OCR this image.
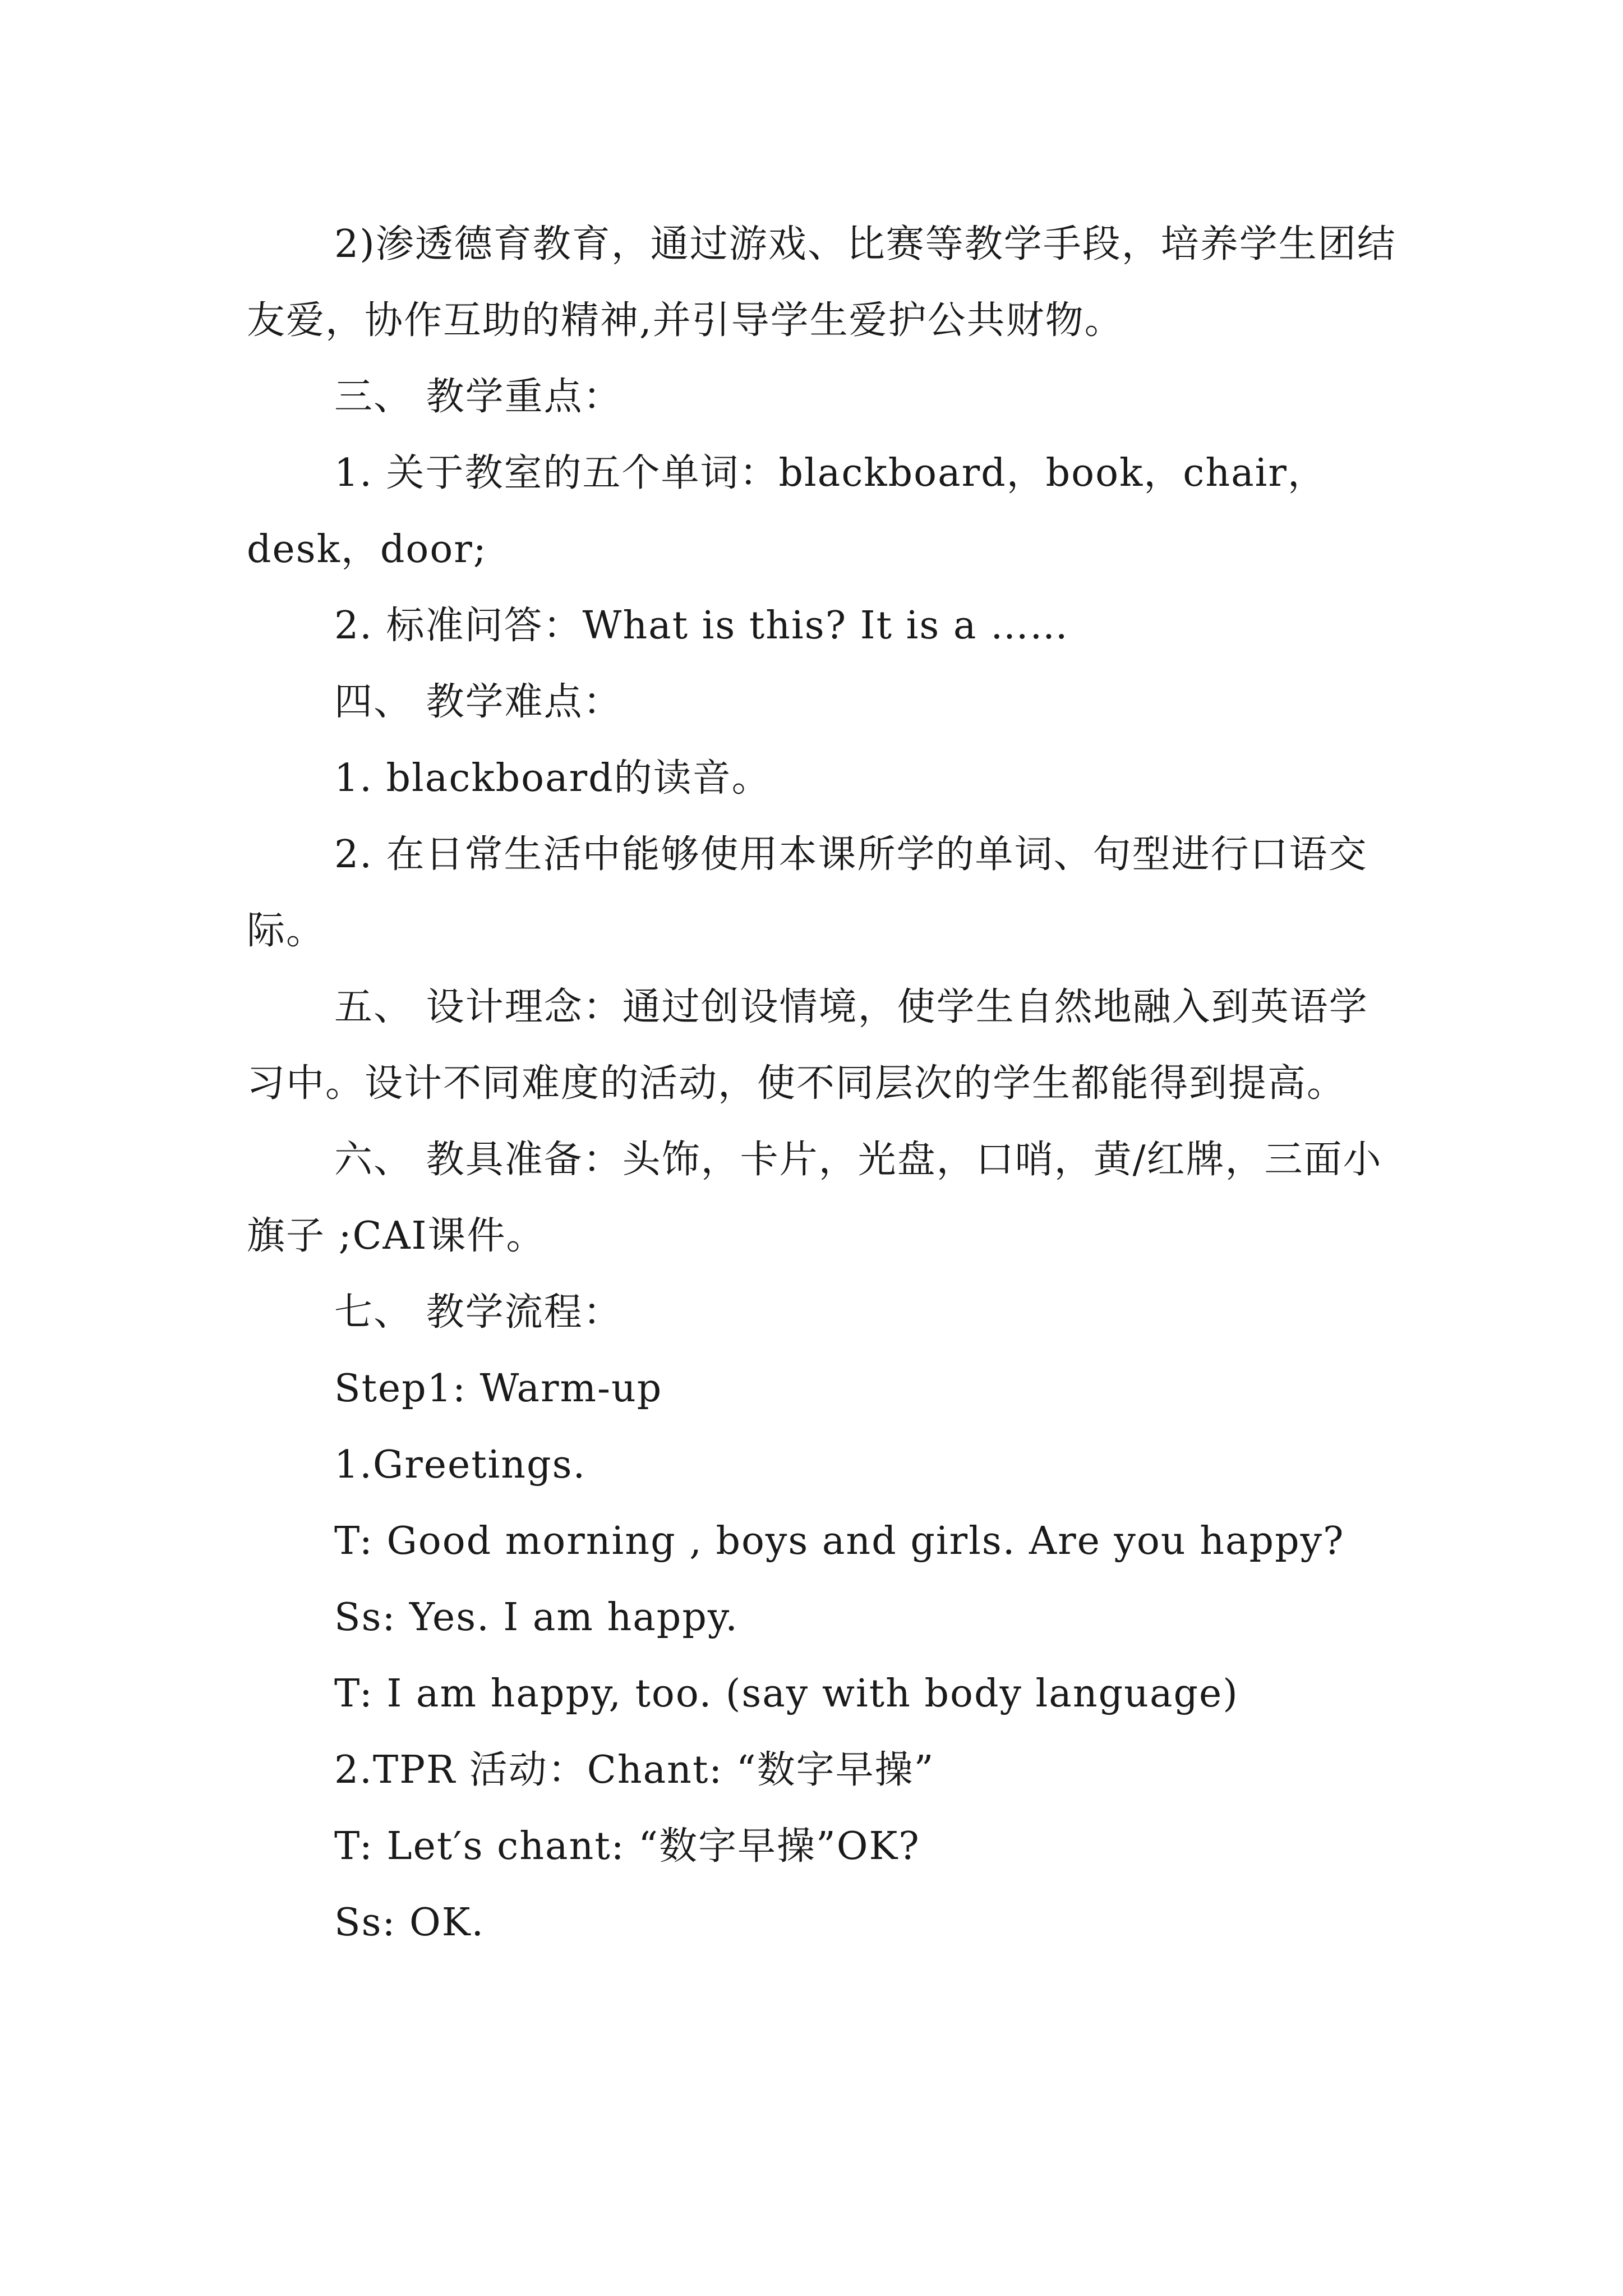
2)渗透德育教育，通过游戏、比赛等教学手段，培养学生团结友爱，协作互助的精神,并引导学生爱护公共财物。

三、 教学重点：

1. 关于教室的五个单词：blackboard，book，chair，desk，door;

2. 标准问答：What is this? It is a ……

四、 教学难点：

1. blackboard的读音。

2. 在日常生活中能够使用本课所学的单词、句型进行口语交际。

五、 设计理念：通过创设情境，使学生自然地融入到英语学习中。设计不同难度的活动，使不同层次的学生都能得到提高。

六、 教具准备：头饰，卡片，光盘，口哨，黄/红牌，三面小旗子 ;CAI课件。

七、 教学流程：

Step1: Warm-up

1.Greetings.

T: Good morning , boys and girls. Are you happy?

Ss: Yes. I am happy.

T: I am happy, too. (say with body language)

2.TPR 活动：Chant: “数字早操”

T: Let′s chant: “数字早操”OK?

Ss: OK.
